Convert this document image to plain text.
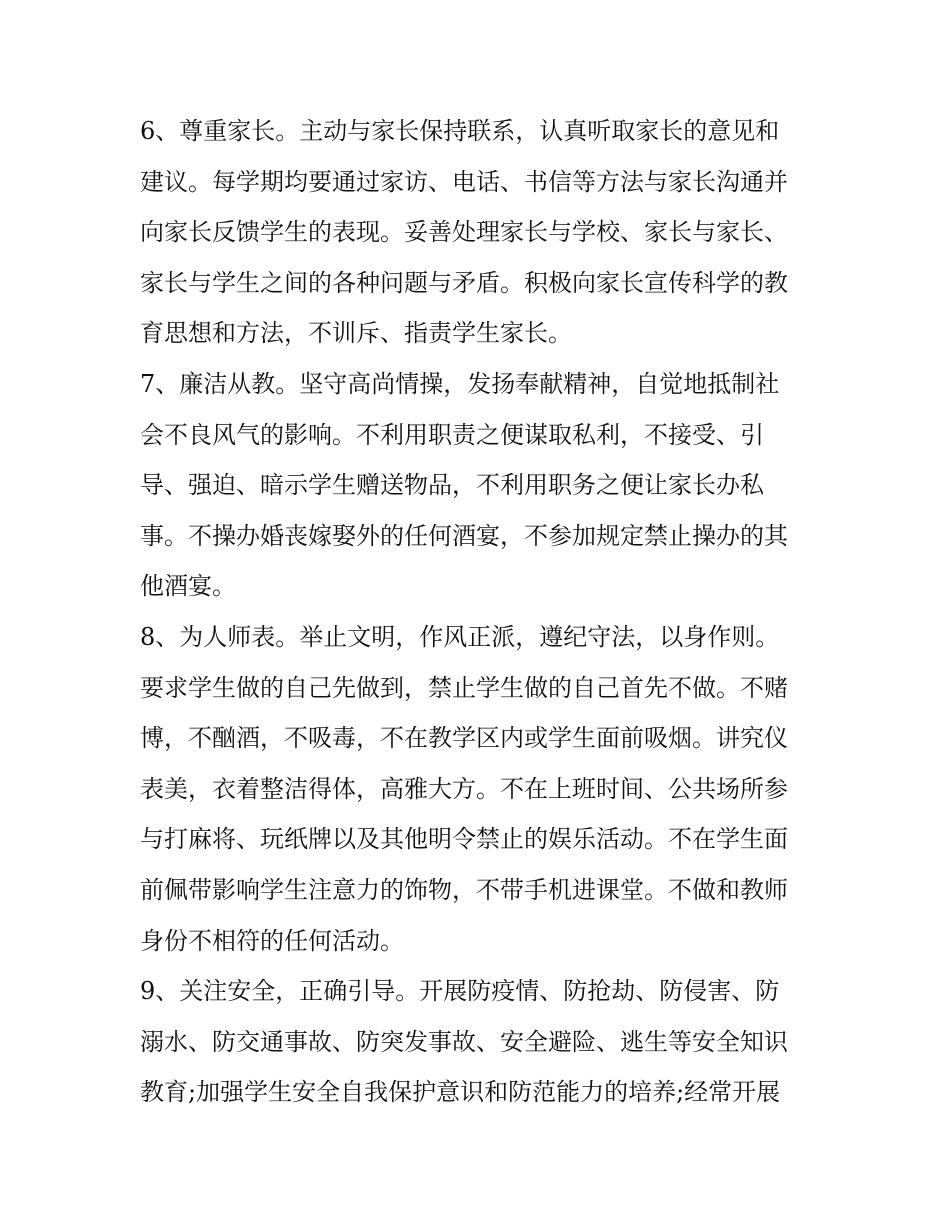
6、尊重家长。主动与家长保持联系，认真听取家长的意见和
建议。每学期均要通过家访、电话、书信等方法与家长沟通并
向家长反馈学生的表现。妥善处理家长与学校、家长与家长、
家长与学生之间的各种问题与矛盾。积极向家长宣传科学的教
育思想和方法，不训斥、指责学生家长。
7、廉洁从教。坚守高尚情操，发扬奉献精神，自觉地抵制社
会不良风气的影响。不利用职责之便谋取私利，不接受、引
导、强迫、暗示学生赠送物品，不利用职务之便让家长办私
事。不操办婚丧嫁娶外的任何酒宴，不参加规定禁止操办的其
他酒宴。
8、为人师表。举止文明，作风正派，遵纪守法，以身作则。
要求学生做的自己先做到，禁止学生做的自己首先不做。不赌
博，不酗酒，不吸毒，不在教学区内或学生面前吸烟。讲究仪
表美，衣着整洁得体，高雅大方。不在上班时间、公共场所参
与打麻将、玩纸牌以及其他明令禁止的娱乐活动。不在学生面
前佩带影响学生注意力的饰物，不带手机进课堂。不做和教师
身份不相符的任何活动。
9、关注安全，正确引导。开展防疫情、防抢劫、防侵害、防
溺水、防交通事故、防突发事故、安全避险、逃生等安全知识
教育;加强学生安全自我保护意识和防范能力的培养;经常开展
